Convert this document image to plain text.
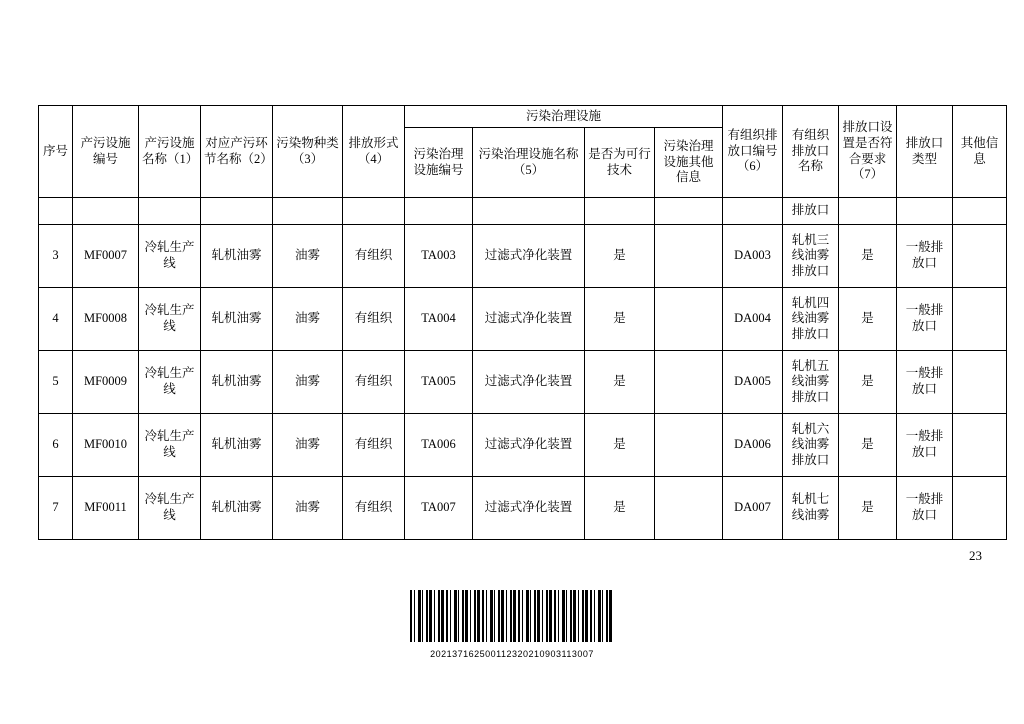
序号	产污设施编号	产污设施名称（1）	对应产污环节名称（2）	污染物种类（3）	排放形式（4）	污染治理设施				有组织排放口编号（6）	有组织排放口名称	排放口设置是否符合要求（7）	排放口类型	其他信息
						污染治理设施编号	污染治理设施名称（5）	是否为可行技术	污染治理设施其他信息					
											排放口			
3	MF0007	冷轧生产线	轧机油雾	油雾	有组织	TA003	过滤式净化装置	是		DA003	轧机三线油雾排放口	是	一般排放口	
4	MF0008	冷轧生产线	轧机油雾	油雾	有组织	TA004	过滤式净化装置	是		DA004	轧机四线油雾排放口	是	一般排放口	
5	MF0009	冷轧生产线	轧机油雾	油雾	有组织	TA005	过滤式净化装置	是		DA005	轧机五线油雾排放口	是	一般排放口	
6	MF0010	冷轧生产线	轧机油雾	油雾	有组织	TA006	过滤式净化装置	是		DA006	轧机六线油雾排放口	是	一般排放口	
7	MF0011	冷轧生产线	轧机油雾	油雾	有组织	TA007	过滤式净化装置	是		DA007	轧机七线油雾	是	一般排放口	
23
202137162500112320210903113007
